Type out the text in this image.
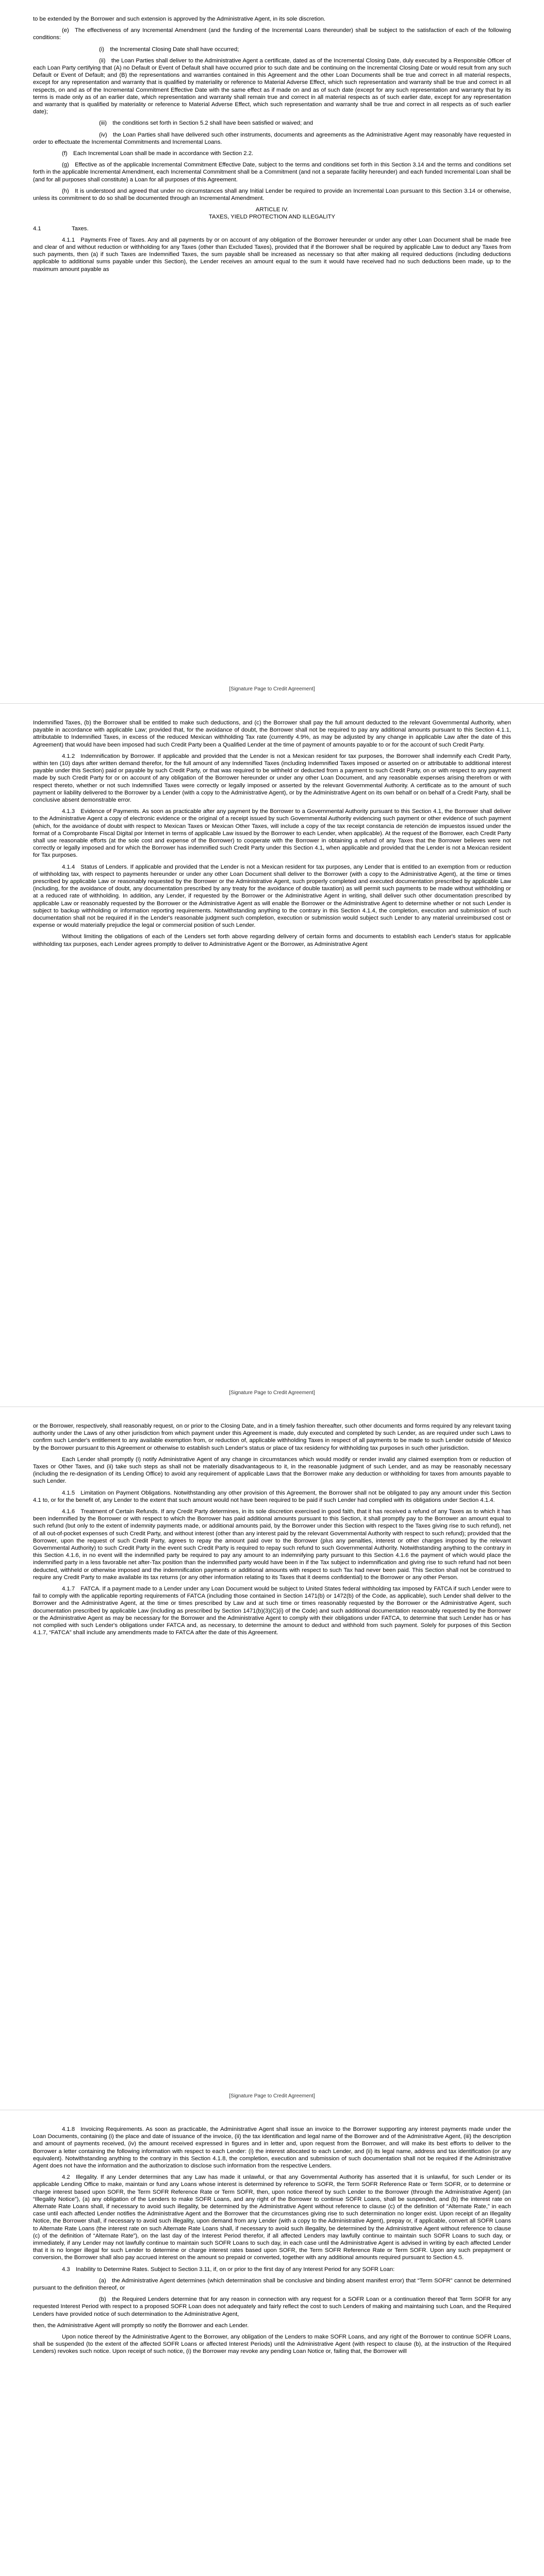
to be extended by the Borrower and such extension is approved by the Administrative Agent, in its sole discretion.

(e) The effectiveness of any Incremental Amendment (and the funding of the Incremental Loans thereunder) shall be subject to the satisfaction of each of the following conditions:

(i) the Incremental Closing Date shall have occurred;

(ii) the Loan Parties shall deliver to the Administrative Agent a certificate, dated as of the Incremental Closing Date, duly executed by a Responsible Officer of each Loan Party certifying that (A) no Default or Event of Default shall have occurred prior to such date and be continuing on the Incremental Closing Date or would result from any such Default or Event of Default; and (B) the representations and warranties contained in this Agreement and the other Loan Documents shall be true and correct in all material respects, except for any representation and warranty that is qualified by materiality or reference to Material Adverse Effect, which such representation and warranty shall be true and correct in all respects, on and as of the Incremental Commitment Effective Date with the same effect as if made on and as of such date (except for any such representation and warranty that by its terms is made only as of an earlier date, which representation and warranty shall remain true and correct in all material respects as of such earlier date, except for any representation and warranty that is qualified by materiality or reference to Material Adverse Effect, which such representation and warranty shall be true and correct in all respects as of such earlier date);

(iii) the conditions set forth in Section 5.2 shall have been satisfied or waived; and

(iv) the Loan Parties shall have delivered such other instruments, documents and agreements as the Administrative Agent may reasonably have requested in order to effectuate the Incremental Commitments and Incremental Loans.

(f) Each Incremental Loan shall be made in accordance with Section 2.2.

(g) Effective as of the applicable Incremental Commitment Effective Date, subject to the terms and conditions set forth in this Section 3.14 and the terms and conditions set forth in the applicable Incremental Amendment, each Incremental Commitment shall be a Commitment (and not a separate facility hereunder) and each funded Incremental Loan shall be (and for all purposes shall constitute) a Loan for all purposes of this Agreement.

(h) It is understood and agreed that under no circumstances shall any Initial Lender be required to provide an Incremental Loan pursuant to this Section 3.14 or otherwise, unless its commitment to do so shall be documented through an Incremental Amendment.

ARTICLE IV.
TAXES, YIELD PROTECTION AND ILLEGALITY

4.1	Taxes.

4.1.1 Payments Free of Taxes. Any and all payments by or on account of any obligation of the Borrower hereunder or under any other Loan Document shall be made free and clear of and without reduction or withholding for any Taxes (other than Excluded Taxes), provided that if the Borrower shall be required by applicable Law to deduct any Taxes from such payments, then (a) if such Taxes are Indemnified Taxes, the sum payable shall be increased as necessary so that after making all required deductions (including deductions applicable to additional sums payable under this Section), the Lender receives an amount equal to the sum it would have received had no such deductions been made, up to the maximum amount payable as

[Signature Page to Credit Agreement]

Indemnified Taxes, (b) the Borrower shall be entitled to make such deductions, and (c) the Borrower shall pay the full amount deducted to the relevant Governmental Authority, when payable in accordance with applicable Law; provided that, for the avoidance of doubt, the Borrower shall not be required to pay any additional amounts pursuant to this Section 4.1.1, attributable to Indemnified Taxes, in excess of the reduced Mexican withholding Tax rate (currently 4.9%, as may be adjusted by any change in applicable Law after the date of this Agreement) that would have been imposed had such Credit Party been a Qualified Lender at the time of payment of amounts payable to or for the account of such Credit Party.

4.1.2 Indemnification by Borrower. If applicable and provided that the Lender is not a Mexican resident for tax purposes, the Borrower shall indemnify each Credit Party, within ten (10) days after written demand therefor, for the full amount of any Indemnified Taxes (including Indemnified Taxes imposed or asserted on or attributable to additional interest payable under this Section) paid or payable by such Credit Party, or that was required to be withheld or deducted from a payment to such Credit Party, on or with respect to any payment made by such Credit Party for or on account of any obligation of the Borrower hereunder or under any other Loan Document, and any reasonable expenses arising therefrom or with respect thereto, whether or not such Indemnified Taxes were correctly or legally imposed or asserted by the relevant Governmental Authority. A certificate as to the amount of such payment or liability delivered to the Borrower by a Lender (with a copy to the Administrative Agent), or by the Administrative Agent on its own behalf or on behalf of a Credit Party, shall be conclusive absent demonstrable error.

4.1.3 Evidence of Payments. As soon as practicable after any payment by the Borrower to a Governmental Authority pursuant to this Section 4.1, the Borrower shall deliver to the Administrative Agent a copy of electronic evidence or the original of a receipt issued by such Governmental Authority evidencing such payment or other evidence of such payment (which, for the avoidance of doubt with respect to Mexican Taxes or Mexican Other Taxes, will include a copy of the tax receipt constancia de retención de impuestos issued under the format of a Comprobante Fiscal Digital por Internet in terms of applicable Law issued by the Borrower to each Lender, when applicable). At the request of the Borrower, each Credit Party shall use reasonable efforts (at the sole cost and expense of the Borrower) to cooperate with the Borrower in obtaining a refund of any Taxes that the Borrower believes were not correctly or legally imposed and for which the Borrower has indemnified such Credit Party under this Section 4.1, when applicable and provided that the Lender is not a Mexican resident for Tax purposes.

4.1.4 Status of Lenders. If applicable and provided that the Lender is not a Mexican resident for tax purposes, any Lender that is entitled to an exemption from or reduction of withholding tax, with respect to payments hereunder or under any other Loan Document shall deliver to the Borrower (with a copy to the Administrative Agent), at the time or times prescribed by applicable Law or reasonably requested by the Borrower or the Administrative Agent, such properly completed and executed documentation prescribed by applicable Law (including, for the avoidance of doubt, any documentation prescribed by any treaty for the avoidance of double taxation) as will permit such payments to be made without withholding or at a reduced rate of withholding. In addition, any Lender, if requested by the Borrower or the Administrative Agent in writing, shall deliver such other documentation prescribed by applicable Law or reasonably requested by the Borrower or the Administrative Agent as will enable the Borrower or the Administrative Agent to determine whether or not such Lender is subject to backup withholding or information reporting requirements. Notwithstanding anything to the contrary in this Section 4.1.4, the completion, execution and submission of such documentation shall not be required if in the Lender's reasonable judgment such completion, execution or submission would subject such Lender to any material unreimbursed cost or expense or would materially prejudice the legal or commercial position of such Lender.

Without limiting the obligations of each of the Lenders set forth above regarding delivery of certain forms and documents to establish each Lender's status for applicable withholding tax purposes, each Lender agrees promptly to deliver to Administrative Agent or the Borrower, as Administrative Agent

[Signature Page to Credit Agreement]

or the Borrower, respectively, shall reasonably request, on or prior to the Closing Date, and in a timely fashion thereafter, such other documents and forms required by any relevant taxing authority under the Laws of any other jurisdiction from which payment under this Agreement is made, duly executed and completed by such Lender, as are required under such Laws to confirm such Lender's entitlement to any available exemption from, or reduction of, applicable withholding Taxes in respect of all payments to be made to such Lender outside of Mexico by the Borrower pursuant to this Agreement or otherwise to establish such Lender's status or place of tax residency for withholding tax purposes in such other jurisdiction.

Each Lender shall promptly (i) notify Administrative Agent of any change in circumstances which would modify or render invalid any claimed exemption from or reduction of Taxes or Other Taxes, and (ii) take such steps as shall not be materially disadvantageous to it, in the reasonable judgment of such Lender, and as may be reasonably necessary (including the re-designation of its Lending Office) to avoid any requirement of applicable Laws that the Borrower make any deduction or withholding for taxes from amounts payable to such Lender.

4.1.5 Limitation on Payment Obligations. Notwithstanding any other provision of this Agreement, the Borrower shall not be obligated to pay any amount under this Section 4.1 to, or for the benefit of, any Lender to the extent that such amount would not have been required to be paid if such Lender had complied with its obligations under Section 4.1.4.

4.1.6 Treatment of Certain Refunds. If any Credit Party determines, in its sole discretion exercised in good faith, that it has received a refund of any Taxes as to which it has been indemnified by the Borrower or with respect to which the Borrower has paid additional amounts pursuant to this Section, it shall promptly pay to the Borrower an amount equal to such refund (but only to the extent of indemnity payments made, or additional amounts paid, by the Borrower under this Section with respect to the Taxes giving rise to such refund), net of all out-of-pocket expenses of such Credit Party, and without interest (other than any interest paid by the relevant Governmental Authority with respect to such refund); provided that the Borrower, upon the request of such Credit Party, agrees to repay the amount paid over to the Borrower (plus any penalties, interest or other charges imposed by the relevant Governmental Authority) to such Credit Party in the event such Credit Party is required to repay such refund to such Governmental Authority. Notwithstanding anything to the contrary in this Section 4.1.6, in no event will the indemnified party be required to pay any amount to an indemnifying party pursuant to this Section 4.1.6 the payment of which would place the indemnified party in a less favorable net after-Tax position than the indemnified party would have been in if the Tax subject to indemnification and giving rise to such refund had not been deducted, withheld or otherwise imposed and the indemnification payments or additional amounts with respect to such Tax had never been paid. This Section shall not be construed to require any Credit Party to make available its tax returns (or any other information relating to its Taxes that it deems confidential) to the Borrower or any other Person.

4.1.7 FATCA. If a payment made to a Lender under any Loan Document would be subject to United States federal withholding tax imposed by FATCA if such Lender were to fail to comply with the applicable reporting requirements of FATCA (including those contained in Section 1471(b) or 1472(b) of the Code, as applicable), such Lender shall deliver to the Borrower and the Administrative Agent, at the time or times prescribed by Law and at such time or times reasonably requested by the Borrower or the Administrative Agent, such documentation prescribed by applicable Law (including as prescribed by Section 1471(b)(3)(C)(i) of the Code) and such additional documentation reasonably requested by the Borrower or the Administrative Agent as may be necessary for the Borrower and the Administrative Agent to comply with their obligations under FATCA, to determine that such Lender has or has not complied with such Lender's obligations under FATCA and, as necessary, to determine the amount to deduct and withhold from such payment. Solely for purposes of this Section 4.1.7, “FATCA” shall include any amendments made to FATCA after the date of this Agreement.

[Signature Page to Credit Agreement]

4.1.8 Invoicing Requirements. As soon as practicable, the Administrative Agent shall issue an invoice to the Borrower supporting any interest payments made under the Loan Documents, containing (i) the place and date of issuance of the invoice, (ii) the tax identification and legal name of the Borrower and of the Administrative Agent, (iii) the description and amount of payments received, (iv) the amount received expressed in figures and in letter and, upon request from the Borrower, and will make its best efforts to deliver to the Borrower a letter containing the following information with respect to each Lender: (i) the interest allocated to each Lender, and (ii) its legal name, address and tax identification (or any equivalent). Notwithstanding anything to the contrary in this Section 4.1.8, the completion, execution and submission of such documentation shall not be required if the Administrative Agent does not have the information and the authorization to disclose such information from the respective Lenders.

4.2 Illegality. If any Lender determines that any Law has made it unlawful, or that any Governmental Authority has asserted that it is unlawful, for such Lender or its applicable Lending Office to make, maintain or fund any Loans whose interest is determined by reference to SOFR, the Term SOFR Reference Rate or Term SOFR, or to determine or charge interest based upon SOFR, the Term SOFR Reference Rate or Term SOFR, then, upon notice thereof by such Lender to the Borrower (through the Administrative Agent) (an “Illegality Notice”), (a) any obligation of the Lenders to make SOFR Loans, and any right of the Borrower to continue SOFR Loans, shall be suspended, and (b) the interest rate on Alternate Rate Loans shall, if necessary to avoid such illegality, be determined by the Administrative Agent without reference to clause (c) of the definition of “Alternate Rate,” in each case until each affected Lender notifies the Administrative Agent and the Borrower that the circumstances giving rise to such determination no longer exist. Upon receipt of an Illegality Notice, the Borrower shall, if necessary to avoid such illegality, upon demand from any Lender (with a copy to the Administrative Agent), prepay or, if applicable, convert all SOFR Loans to Alternate Rate Loans (the interest rate on such Alternate Rate Loans shall, if necessary to avoid such illegality, be determined by the Administrative Agent without reference to clause (c) of the definition of “Alternate Rate”), on the last day of the Interest Period therefor, if all affected Lenders may lawfully continue to maintain such SOFR Loans to such day, or immediately, if any Lender may not lawfully continue to maintain such SOFR Loans to such day, in each case until the Administrative Agent is advised in writing by each affected Lender that it is no longer illegal for such Lender to determine or charge interest rates based upon SOFR, the Term SOFR Reference Rate or Term SOFR. Upon any such prepayment or conversion, the Borrower shall also pay accrued interest on the amount so prepaid or converted, together with any additional amounts required pursuant to Section 4.5.

4.3 Inability to Determine Rates. Subject to Section 3.11, if, on or prior to the first day of any Interest Period for any SOFR Loan:

(a) the Administrative Agent determines (which determination shall be conclusive and binding absent manifest error) that “Term SOFR” cannot be determined pursuant to the definition thereof, or

(b) the Required Lenders determine that for any reason in connection with any request for a SOFR Loan or a continuation thereof that Term SOFR for any requested Interest Period with respect to a proposed SOFR Loan does not adequately and fairly reflect the cost to such Lenders of making and maintaining such Loan, and the Required Lenders have provided notice of such determination to the Administrative Agent,

then, the Administrative Agent will promptly so notify the Borrower and each Lender.

Upon notice thereof by the Administrative Agent to the Borrower, any obligation of the Lenders to make SOFR Loans, and any right of the Borrower to continue SOFR Loans, shall be suspended (to the extent of the affected SOFR Loans or affected Interest Periods) until the Administrative Agent (with respect to clause (b), at the instruction of the Required Lenders) revokes such notice. Upon receipt of such notice, (i) the Borrower may revoke any pending Loan Notice or, failing that, the Borrower will
